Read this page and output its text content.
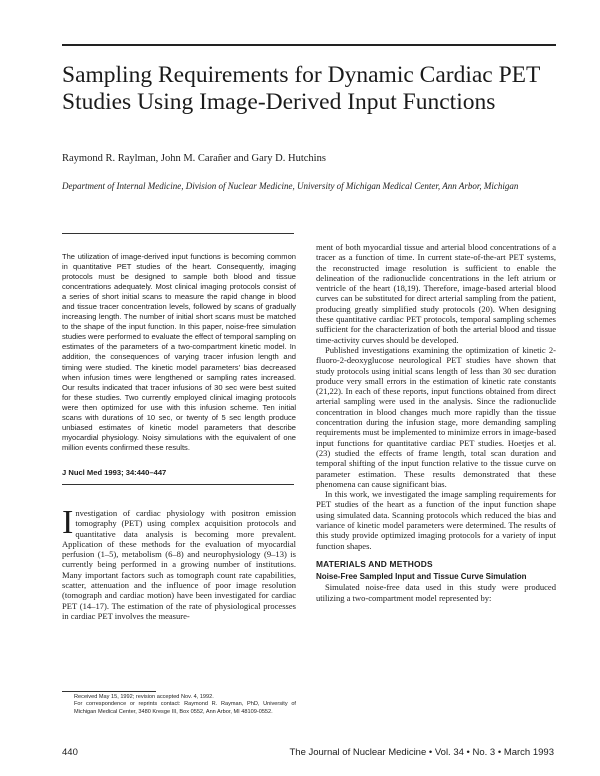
Sampling Requirements for Dynamic Cardiac PET Studies Using Image-Derived Input Functions
Raymond R. Raylman, John M. Carañer and Gary D. Hutchins
Department of Internal Medicine, Division of Nuclear Medicine, University of Michigan Medical Center, Ann Arbor, Michigan

The utilization of image-derived input functions is becoming common in quantitative PET studies of the heart. Consequently, imaging protocols must be designed to sample both blood and tissue concentrations adequately. Most clinical imaging protocols consist of a series of short initial scans to measure the rapid change in blood and tissue tracer concentration levels, followed by scans of gradually increasing length. The number of initial short scans must be matched to the shape of the input function. In this paper, noise-free simulation studies were performed to evaluate the effect of temporal sampling on estimates of the parameters of a two-compartment kinetic model. In addition, the consequences of varying tracer infusion length and timing were studied. The kinetic model parameters' bias decreased when infusion times were lengthened or sampling rates increased. Our results indicated that tracer infusions of 30 sec were best suited for these studies. Two currently employed clinical imaging protocols were then optimized for use with this infusion scheme. Ten initial scans with durations of 10 sec, or twenty of 5 sec length produce unbiased estimates of kinetic model parameters that describe myocardial physiology. Noisy simulations with the equivalent of one million events confirmed these results.

J Nucl Med 1993; 34:440–447

Investigation of cardiac physiology with positron emission tomography (PET) using complex acquisition protocols and quantitative data analysis is becoming more prevalent. Application of these methods for the evaluation of myocardial perfusion (1–5), metabolism (6–8) and neurophysiology (9–13) is currently being performed in a growing number of institutions. Many important factors such as tomograph count rate capabilities, scatter, attenuation and the influence of poor image resolution (tomograph and cardiac motion) have been investigated for cardiac PET (14–17). The estimation of the rate of physiological processes in cardiac PET involves the measure-

Received May 15, 1992; revision accepted Nov. 4, 1992.

For correspondence or reprints contact: Raymond R. Rayman, PhD, University of Michigan Medical Center, 3480 Kresge III, Box 0552, Ann Arbor, MI 48109-0552.

ment of both myocardial tissue and arterial blood concentrations of a tracer as a function of time. In current state-of-the-art PET systems, the reconstructed image resolution is sufficient to enable the delineation of the radionuclide concentrations in the left atrium or ventricle of the heart (18,19). Therefore, image-based arterial blood curves can be substituted for direct arterial sampling from the patient, producing greatly simplified study protocols (20). When designing these quantitative cardiac PET protocols, temporal sampling schemes sufficient for the characterization of both the arterial blood and tissue time-activity curves should be developed.

Published investigations examining the optimization of kinetic 2-fluoro-2-deoxyglucose neurological PET studies have shown that study protocols using initial scans length of less than 30 sec duration produce very small errors in the estimation of kinetic rate constants (21,22). In each of these reports, input functions obtained from direct arterial sampling were used in the analysis. Since the radionuclide concentration in blood changes much more rapidly than the tissue concentration during the infusion stage, more demanding sampling requirements must be implemented to minimize errors in image-based input functions for quantitative cardiac PET studies. Hoetjes et al. (23) studied the effects of frame length, total scan duration and temporal shifting of the input function relative to the tissue curve on parameter estimation. These results demonstrated that these phenomena can cause significant bias.

In this work, we investigated the image sampling requirements for PET studies of the heart as a function of the input function shape using simulated data. Scanning protocols which reduced the bias and variance of kinetic model parameters were determined. The results of this study provide optimized imaging protocols for a variety of input function shapes.

MATERIALS AND METHODS
Noise-Free Sampled Input and Tissue Curve Simulation

Simulated noise-free data used in this study were produced utilizing a two-compartment model represented by:

440	The Journal of Nuclear Medicine • Vol. 34 • No. 3 • March 1993
